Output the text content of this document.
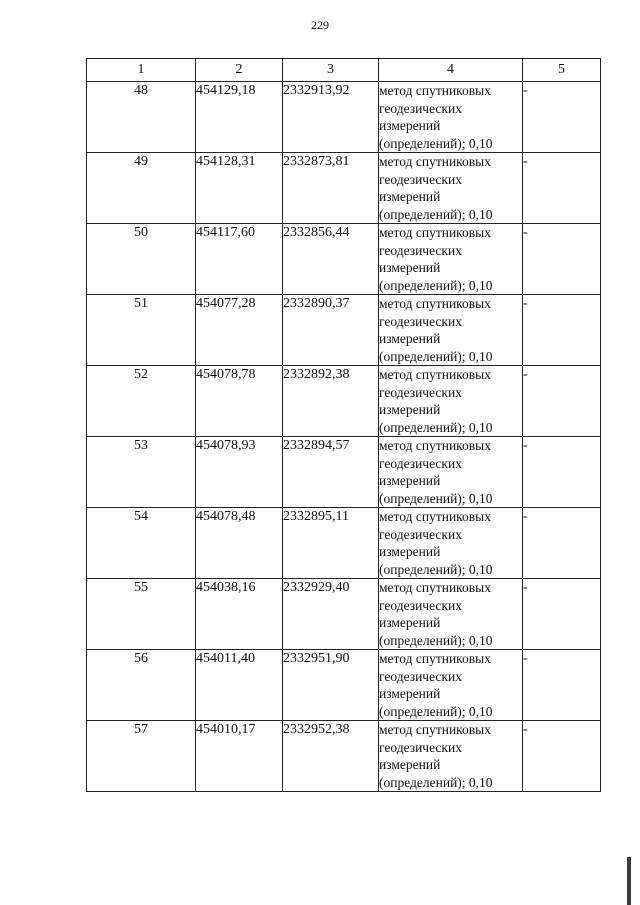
229
1	2	3	4	5
48	454129,18	2332913,92	метод спутниковых
геодезических
измерений
(определений); 0,10	-
49	454128,31	2332873,81	метод спутниковых
геодезических
измерений
(определений); 0,10	-
50	454117,60	2332856,44	метод спутниковых
геодезических
измерений
(определений); 0,10	-
51	454077,28	2332890,37	метод спутниковых
геодезических
измерений
(определений); 0,10	-
52	454078,78	2332892,38	метод спутниковых
геодезических
измерений
(определений); 0,10	-
53	454078,93	2332894,57	метод спутниковых
геодезических
измерений
(определений); 0,10	-
54	454078,48	2332895,11	метод спутниковых
геодезических
измерений
(определений); 0,10	-
55	454038,16	2332929,40	метод спутниковых
геодезических
измерений
(определений); 0,10	-
56	454011,40	2332951,90	метод спутниковых
геодезических
измерений
(определений); 0,10	-
57	454010,17	2332952,38	метод спутниковых
геодезических
измерений
(определений); 0,10	-
